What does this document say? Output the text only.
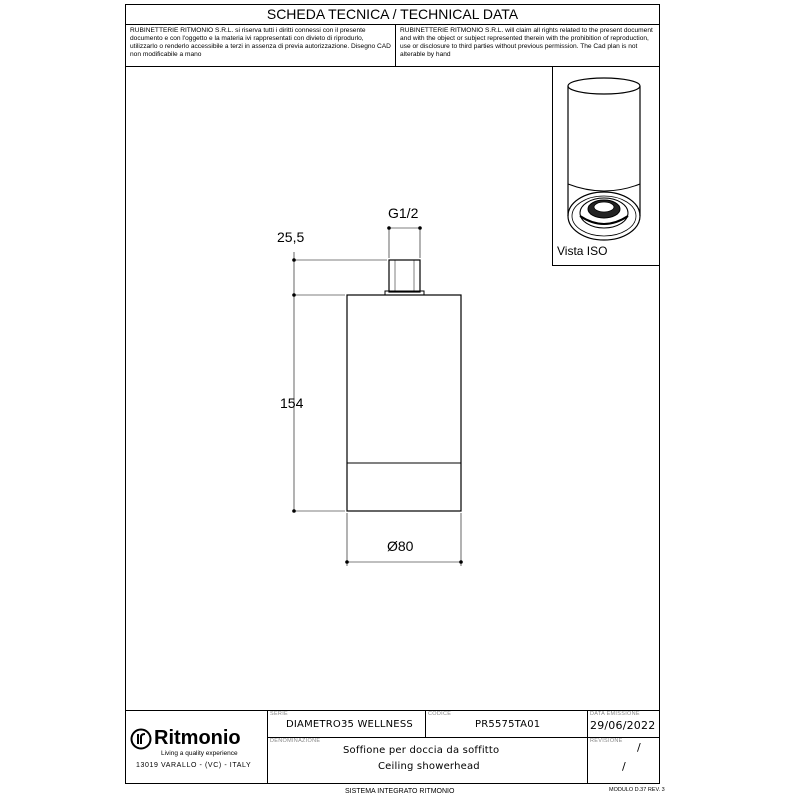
SCHEDA TECNICA / TECHNICAL DATA
RUBINETTERIE RITMONIO S.R.L. si riserva tutti i diritti connessi con il presente documento e con l'oggetto e la materia ivi rappresentati con divieto di riprodurlo, utilizzarlo o renderlo accessibile a terzi in assenza di previa autorizzazione. Disegno CAD non modificabile a mano
RUBINETTERIE RITMONIO S.R.L. will claim all rights related to the present document and with the object or subject represented therein with the prohibition of reproduction, use or disclosure to third parties without previous permission. The Cad plan is not alterable by hand
Vista ISO
G1/2
25,5
154
Ø80
Ritmonio
Living a quality experience
13019 VARALLO - (VC) - ITALY
SERIE
DIAMETRO35 WELLNESS
CODICE
PR5575TA01
DATA EMISSIONE
29/06/2022
DENOMINAZIONE
Soffione per doccia da soffitto
Ceiling showerhead
REVISIONE /
/
SISTEMA INTEGRATO RITMONIO	MODULO D.37 REV. 3
